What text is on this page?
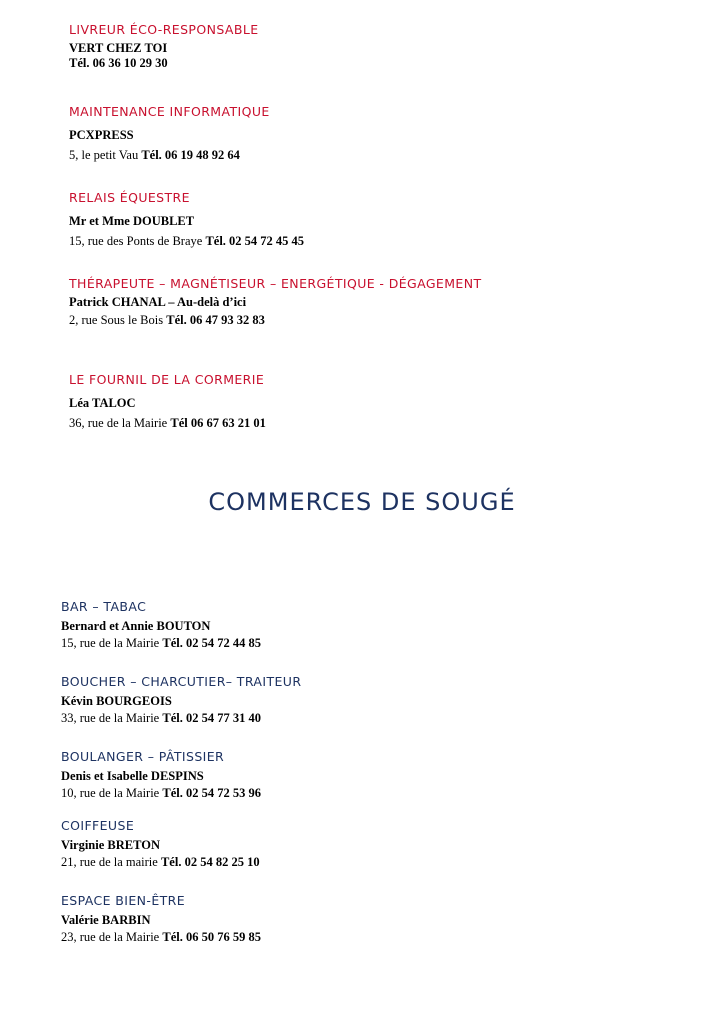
LIVREUR ÉCO-RESPONSABLE
VERT CHEZ TOI
Tél. 06 36 10 29 30
MAINTENANCE INFORMATIQUE
PCXPRESS
5, le petit Vau Tél. 06 19 48 92 64
RELAIS ÉQUESTRE
Mr et Mme DOUBLET
15, rue des Ponts de Braye Tél. 02 54 72 45 45
THÉRAPEUTE – MAGNÉTISEUR – ENERGÉTIQUE - DÉGAGEMENT
Patrick CHANAL – Au-delà d’ici
2, rue Sous le Bois Tél. 06 47 93 32 83
LE FOURNIL DE LA CORMERIE
Léa TALOC
36, rue de la Mairie Tél 06 67 63 21 01
COMMERCES DE SOUGÉ
BAR – TABAC
Bernard et Annie BOUTON
15, rue de la Mairie Tél. 02 54 72 44 85
BOUCHER – CHARCUTIER– TRAITEUR
Kévin BOURGEOIS
33, rue de la Mairie Tél. 02 54 77 31 40
BOULANGER – PÂTISSIER
Denis et Isabelle DESPINS
10, rue de la Mairie Tél. 02 54 72 53 96
COIFFEUSE
Virginie BRETON
21, rue de la mairie Tél. 02 54 82 25 10
ESPACE BIEN-ÊTRE
Valérie BARBIN
23, rue de la Mairie Tél. 06 50 76 59 85
